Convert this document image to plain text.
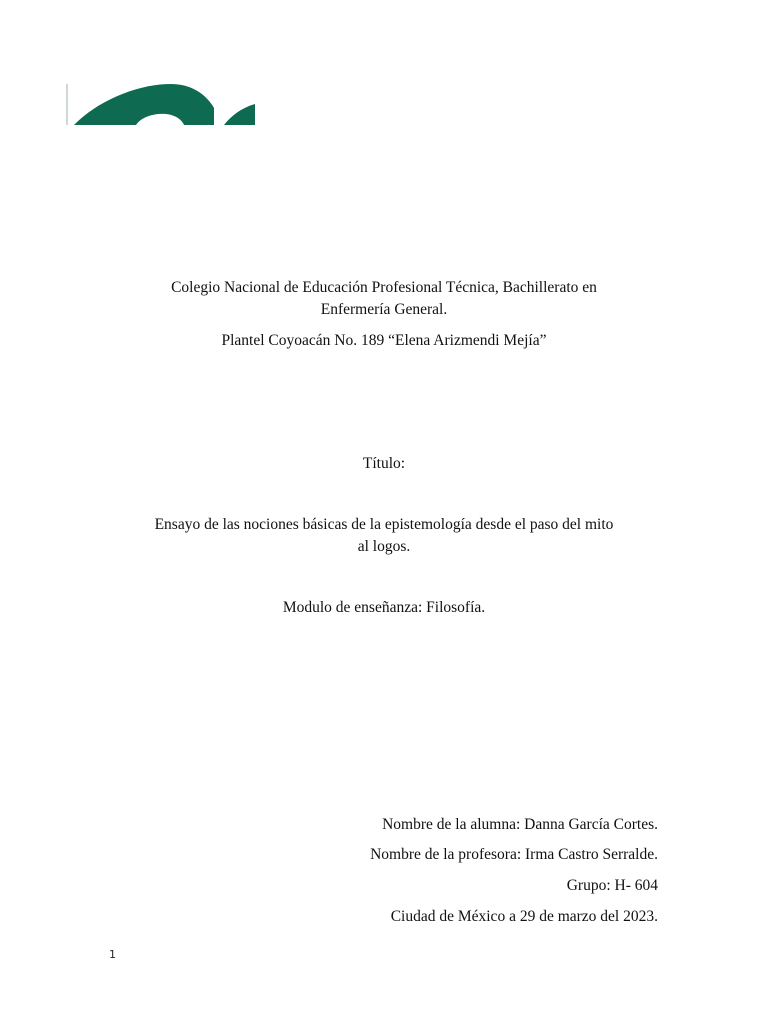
Colegio Nacional de Educación Profesional Técnica, Bachillerato en
Enfermería General.
Plantel Coyoacán No. 189 “Elena Arizmendi Mejía”
Título:
Ensayo de las nociones básicas de la epistemología desde el paso del mito
al logos.
Modulo de enseñanza: Filosofía.
Nombre de la alumna: Danna García Cortes.
Nombre de la profesora: Irma Castro Serralde.
Grupo: H- 604
Ciudad de México a 29 de marzo del 2023.
1
